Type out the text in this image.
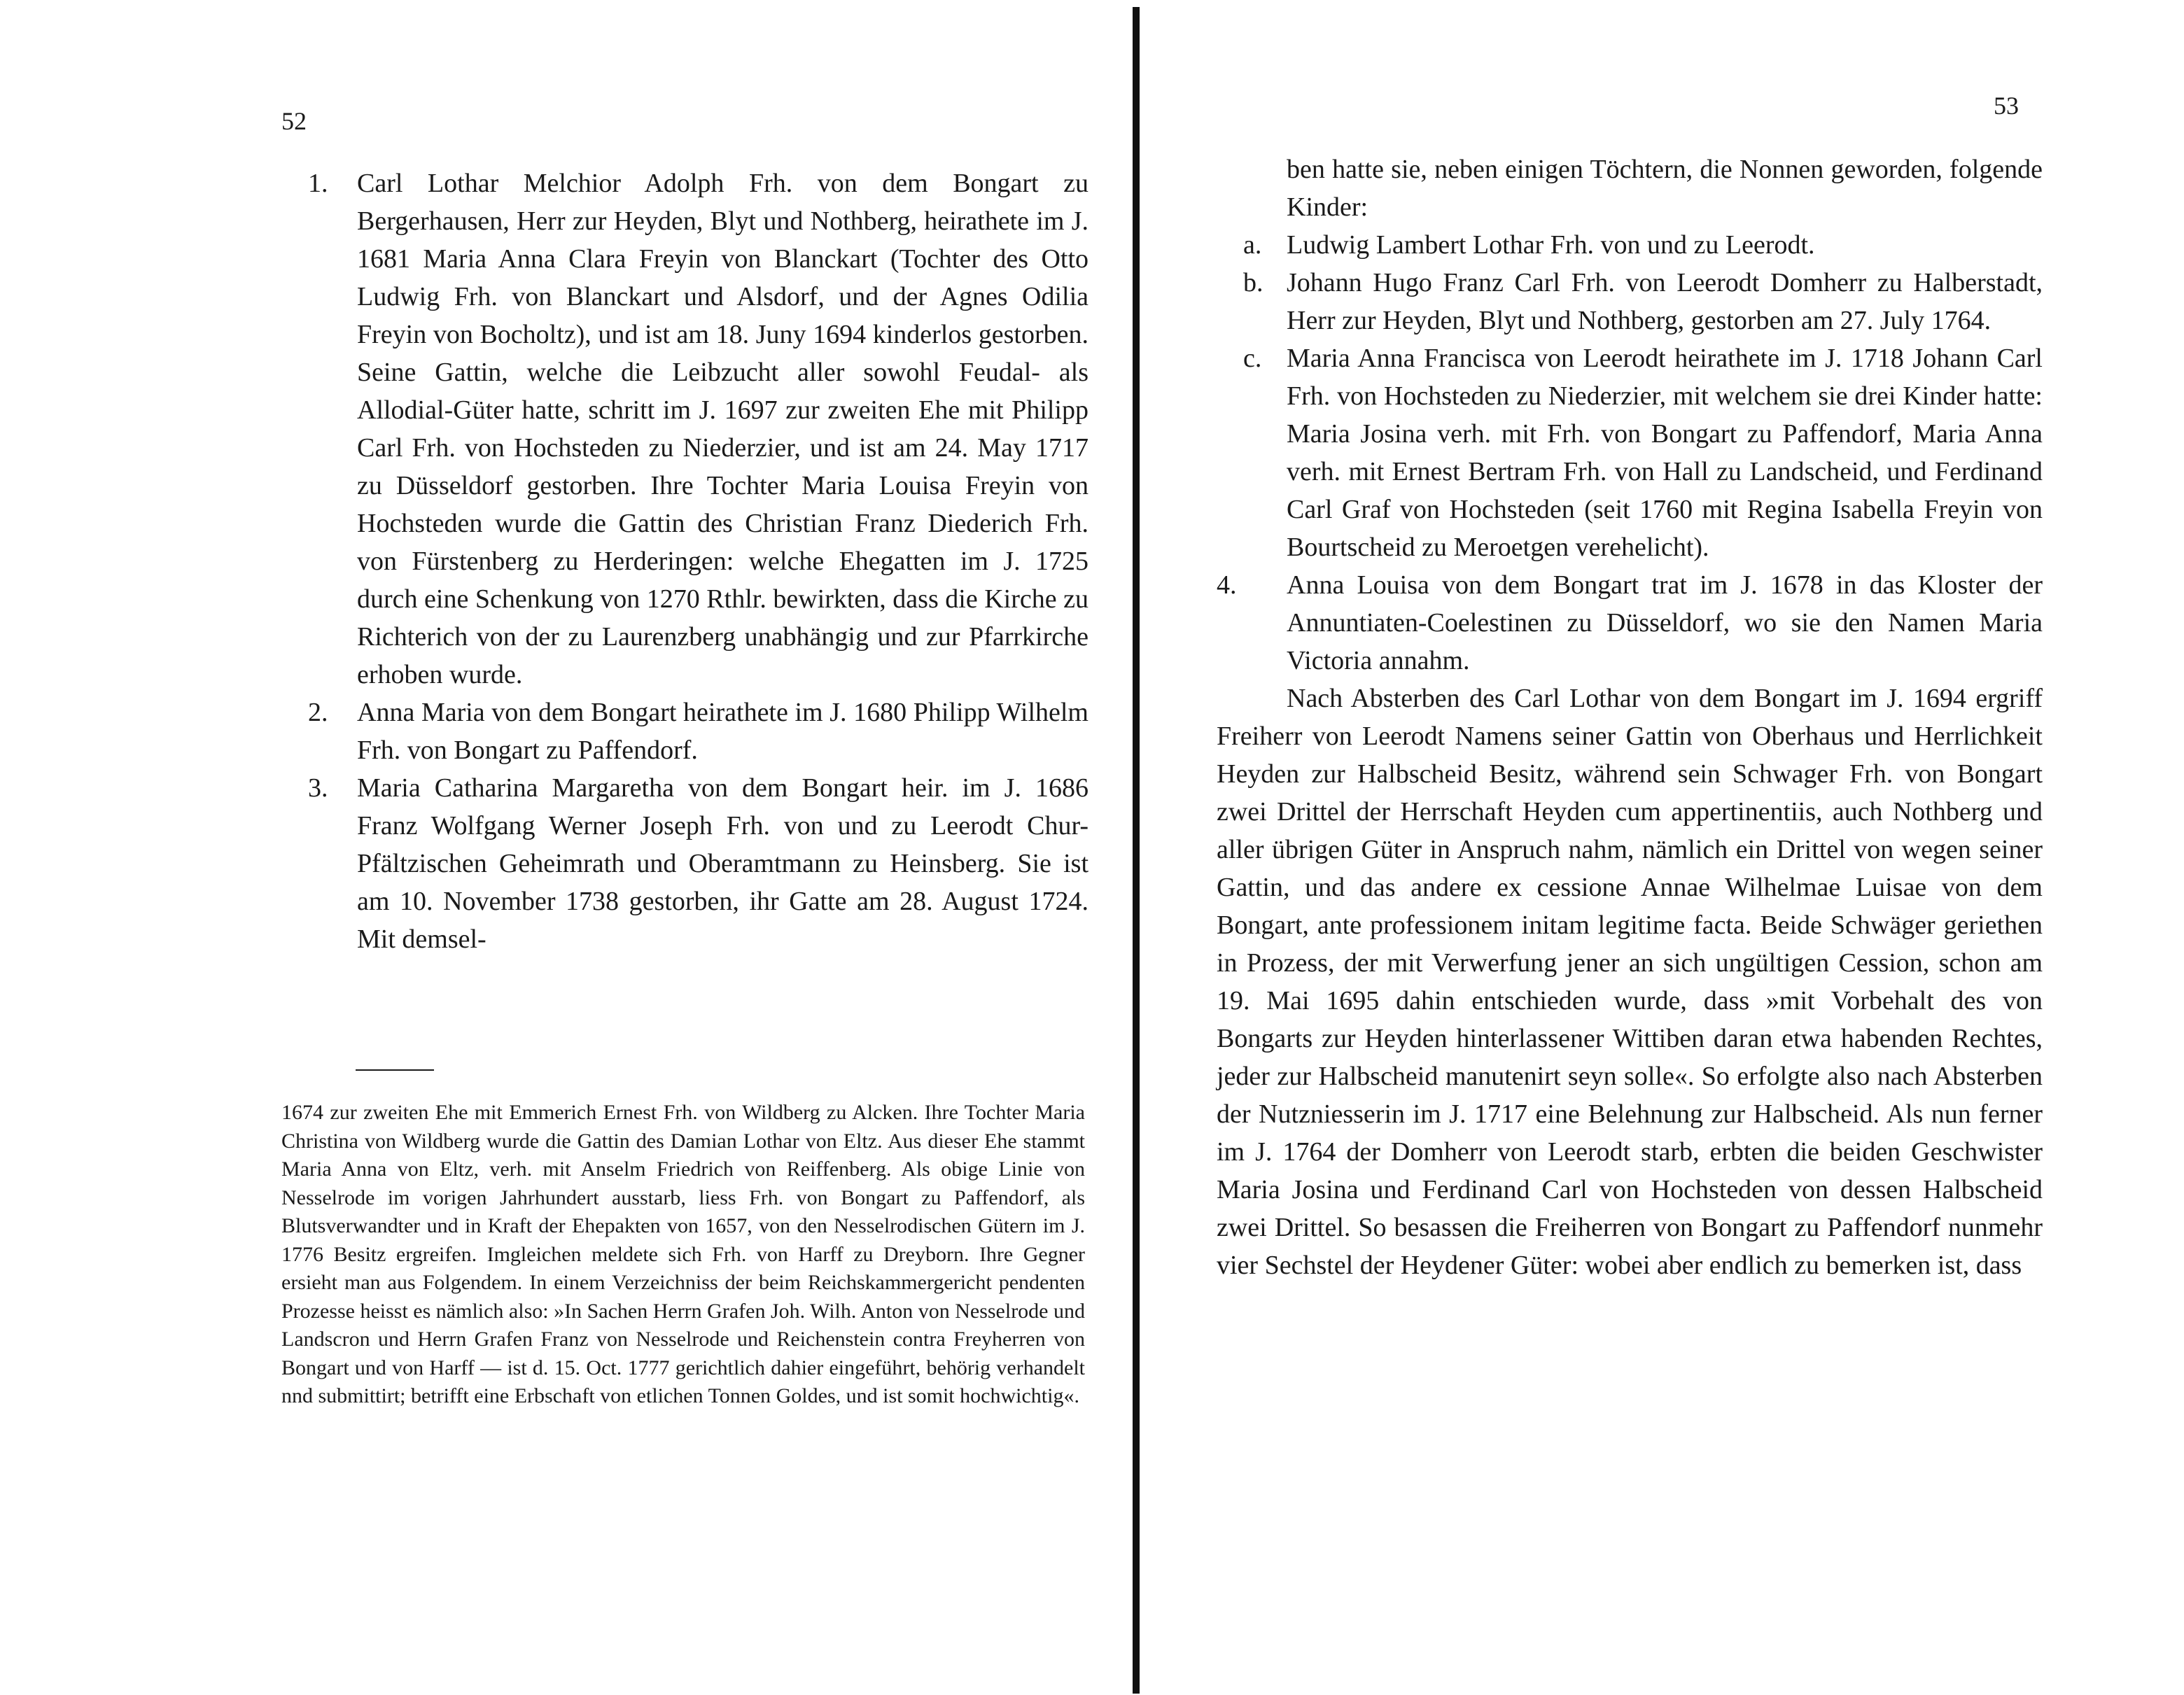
52

1. Carl Lothar Melchior Adolph Frh. von dem Bongart zu Bergerhausen, Herr zur Heyden, Blyt und Nothberg, heirathete im J. 1681 Maria Anna Clara Freyin von Blanckart (Tochter des Otto Ludwig Frh. von Blanckart und Alsdorf, und der Agnes Odilia Freyin von Bocholtz), und ist am 18. Juny 1694 kinderlos gestorben. Seine Gattin, welche die Leibzucht aller sowohl Feudal- als Allodial-Güter hatte, schritt im J. 1697 zur zweiten Ehe mit Philipp Carl Frh. von Hochsteden zu Niederzier, und ist am 24. May 1717 zu Düsseldorf gestorben. Ihre Tochter Maria Louisa Freyin von Hochsteden wurde die Gattin des Christian Franz Diederich Frh. von Fürstenberg zu Herderingen: welche Ehegatten im J. 1725 durch eine Schenkung von 1270 Rthlr. bewirkten, dass die Kirche zu Richterich von der zu Laurenzberg unabhängig und zur Pfarrkirche erhoben wurde.

2. Anna Maria von dem Bongart heirathete im J. 1680 Philipp Wilhelm Frh. von Bongart zu Paffendorf.

3. Maria Catharina Margaretha von dem Bongart heir. im J. 1686 Franz Wolfgang Werner Joseph Frh. von und zu Leerodt Chur-Pfältzischen Geheimrath und Oberamtmann zu Heinsberg. Sie ist am 10. November 1738 gestorben, ihr Gatte am 28. August 1724. Mit demsel-

1674 zur zweiten Ehe mit Emmerich Ernest Frh. von Wildberg zu Alcken. Ihre Tochter Maria Christina von Wildberg wurde die Gattin des Damian Lothar von Eltz. Aus dieser Ehe stammt Maria Anna von Eltz, verh. mit Anselm Friedrich von Reiffenberg. Als obige Linie von Nesselrode im vorigen Jahrhundert ausstarb, liess Frh. von Bongart zu Paffendorf, als Blutsverwandter und in Kraft der Ehepakten von 1657, von den Nesselrodischen Gütern im J. 1776 Besitz ergreifen. Imgleichen meldete sich Frh. von Harff zu Dreyborn. Ihre Gegner ersieht man aus Folgendem. In einem Verzeichniss der beim Reichskammergericht pendenten Prozesse heisst es nämlich also: »In Sachen Herrn Grafen Joh. Wilh. Anton von Nesselrode und Landscron und Herrn Grafen Franz von Nesselrode und Reichenstein contra Freyherren von Bongart und von Harff — ist d. 15. Oct. 1777 gerichtlich dahier eingeführt, behörig verhandelt nnd submittirt; betrifft eine Erbschaft von etlichen Tonnen Goldes, und ist somit hochwichtig«.

53

ben hatte sie, neben einigen Töchtern, die Nonnen geworden, folgende Kinder:

a. Ludwig Lambert Lothar Frh. von und zu Leerodt.

b. Johann Hugo Franz Carl Frh. von Leerodt Domherr zu Halberstadt, Herr zur Heyden, Blyt und Nothberg, gestorben am 27. July 1764.

c. Maria Anna Francisca von Leerodt heirathete im J. 1718 Johann Carl Frh. von Hochsteden zu Niederzier, mit welchem sie drei Kinder hatte: Maria Josina verh. mit Frh. von Bongart zu Paffendorf, Maria Anna verh. mit Ernest Bertram Frh. von Hall zu Landscheid, und Ferdinand Carl Graf von Hochsteden (seit 1760 mit Regina Isabella Freyin von Bourtscheid zu Meroetgen verehelicht).

4. Anna Louisa von dem Bongart trat im J. 1678 in das Kloster der Annuntiaten-Coelestinen zu Düsseldorf, wo sie den Namen Maria Victoria annahm.

Nach Absterben des Carl Lothar von dem Bongart im J. 1694 ergriff Freiherr von Leerodt Namens seiner Gattin von Oberhaus und Herrlichkeit Heyden zur Halbscheid Besitz, während sein Schwager Frh. von Bongart zwei Drittel der Herrschaft Heyden cum appertinentiis, auch Nothberg und aller übrigen Güter in Anspruch nahm, nämlich ein Drittel von wegen seiner Gattin, und das andere ex cessione Annae Wilhelmae Luisae von dem Bongart, ante professionem initam legitime facta. Beide Schwäger geriethen in Prozess, der mit Verwerfung jener an sich ungültigen Cession, schon am 19. Mai 1695 dahin entschieden wurde, dass »mit Vorbehalt des von Bongarts zur Heyden hinterlassener Wittiben daran etwa habenden Rechtes, jeder zur Halbscheid manutenirt seyn solle«. So erfolgte also nach Absterben der Nutzniesserin im J. 1717 eine Belehnung zur Halbscheid. Als nun ferner im J. 1764 der Domherr von Leerodt starb, erbten die beiden Geschwister Maria Josina und Ferdinand Carl von Hochsteden von dessen Halbscheid zwei Drittel. So besassen die Freiherren von Bongart zu Paffendorf nunmehr vier Sechstel der Heydener Güter: wobei aber endlich zu bemerken ist, dass
